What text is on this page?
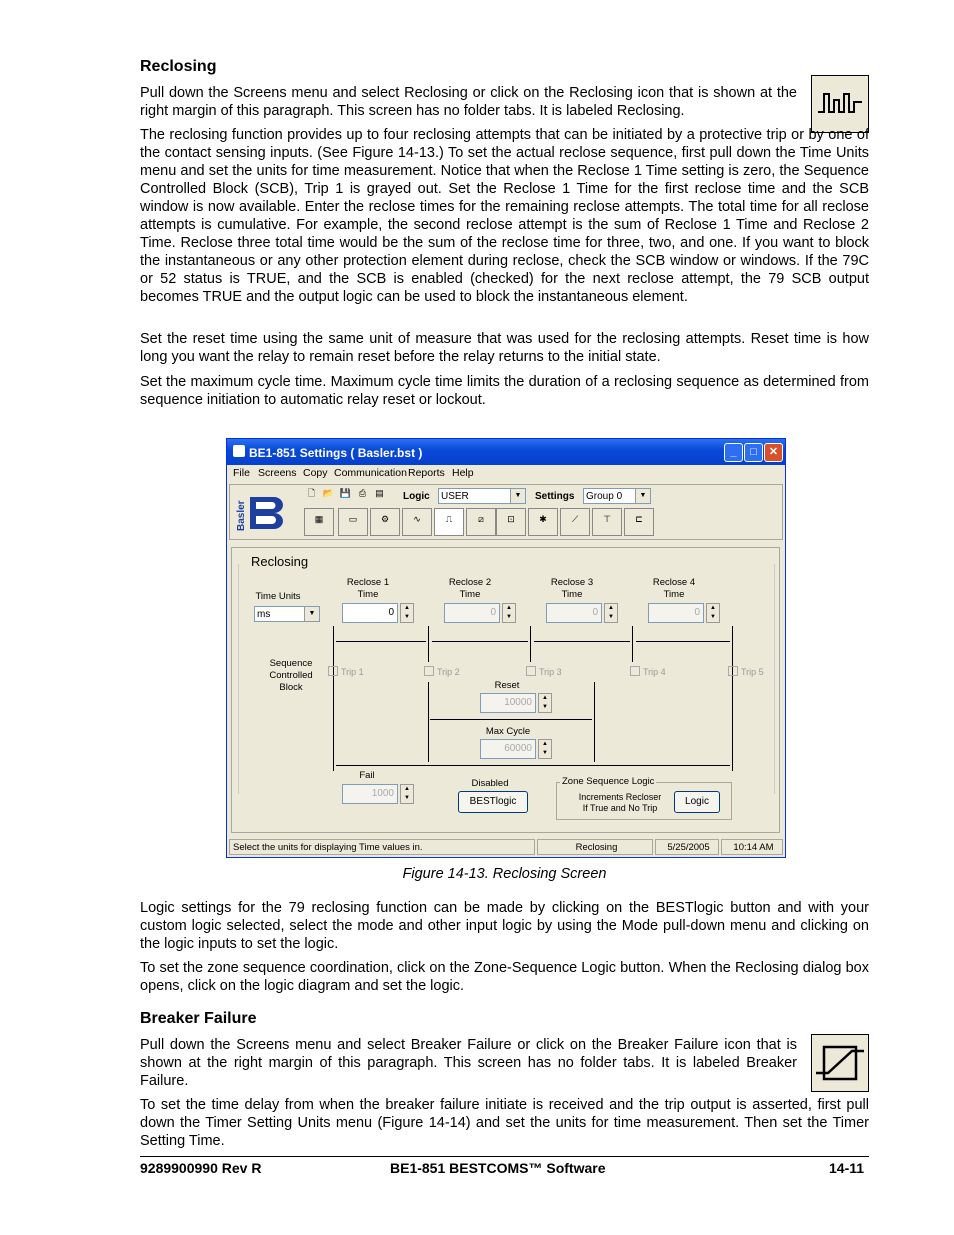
Reclosing
Pull down the Screens menu and select Reclosing or click on the Reclosing icon that is shown at the right margin of this paragraph. This screen has no folder tabs. It is labeled Reclosing.
The reclosing function provides up to four reclosing attempts that can be initiated by a protective trip or by one of the contact sensing inputs. (See Figure 14-13.) To set the actual reclose sequence, first pull down the Time Units menu and set the units for time measurement. Notice that when the Reclose 1 Time setting is zero, the Sequence Controlled Block (SCB), Trip 1 is grayed out. Set the Reclose 1 Time for the first reclose time and the SCB window is now available. Enter the reclose times for the remaining reclose attempts. The total time for all reclose attempts is cumulative. For example, the second reclose attempt is the sum of Reclose 1 Time and Reclose 2 Time. Reclose three total time would be the sum of the reclose time for three, two, and one. If you want to block the instantaneous or any other protection element during reclose, check the SCB window or windows. If the 79C or 52 status is TRUE, and the SCB is enabled (checked) for the next reclose attempt, the 79 SCB output becomes TRUE and the output logic can be used to block the instantaneous element.
Set the reset time using the same unit of measure that was used for the reclosing attempts. Reset time is how long you want the relay to remain reset before the relay returns to the initial state.
Set the maximum cycle time. Maximum cycle time limits the duration of a reclosing sequence as determined from sequence initiation to automatic relay reset or lockout.
BE1-851 Settings ( Basler.bst )	_	□	✕
File Screens Copy Communication Reports Help
Basler
🗋 📂 💾 ⎙	▤	Logic	USER	▼	Settings	Group 0	▼
▦	▭	⚙	∿	⎍	⧄	⊡	✱	⟋	⊤	⊏
Reclosing
Time Units
ms	▼
Reclose 1
Time
Reclose 2
Time
Reclose 3
Time
Reclose 4
Time
0	▲
▼	0	▲
▼	0	▲
▼	0	▲
▼
Sequence
Controlled
Block
Trip 1	Trip 2	Trip 3	Trip 4	Trip 5
Reset
10000	▲
▼
Max Cycle
60000	▲
▼
Fail
1000	▲
▼
Disabled
BESTlogic
Zone Sequence Logic
Increments Recloser
If True and No Trip
Logic
Select the units for displaying Time values in.	Reclosing	5/25/2005	10:14 AM
Figure 14-13. Reclosing Screen
Logic settings for the 79 reclosing function can be made by clicking on the BESTlogic button and with your custom logic selected, select the mode and other input logic by using the Mode pull-down menu and clicking on the logic inputs to set the logic.
To set the zone sequence coordination, click on the Zone-Sequence Logic button. When the Reclosing dialog box opens, click on the logic diagram and set the logic.
Breaker Failure
Pull down the Screens menu and select Breaker Failure or click on the Breaker Failure icon that is shown at the right margin of this paragraph. This screen has no folder tabs. It is labeled Breaker Failure.
To set the time delay from when the breaker failure initiate is received and the trip output is asserted, first pull down the Timer Setting Units menu (Figure 14-14) and set the units for time measurement. Then set the Timer Setting Time.
9289900990 Rev R	BE1-851 BESTCOMS™ Software	14-11
